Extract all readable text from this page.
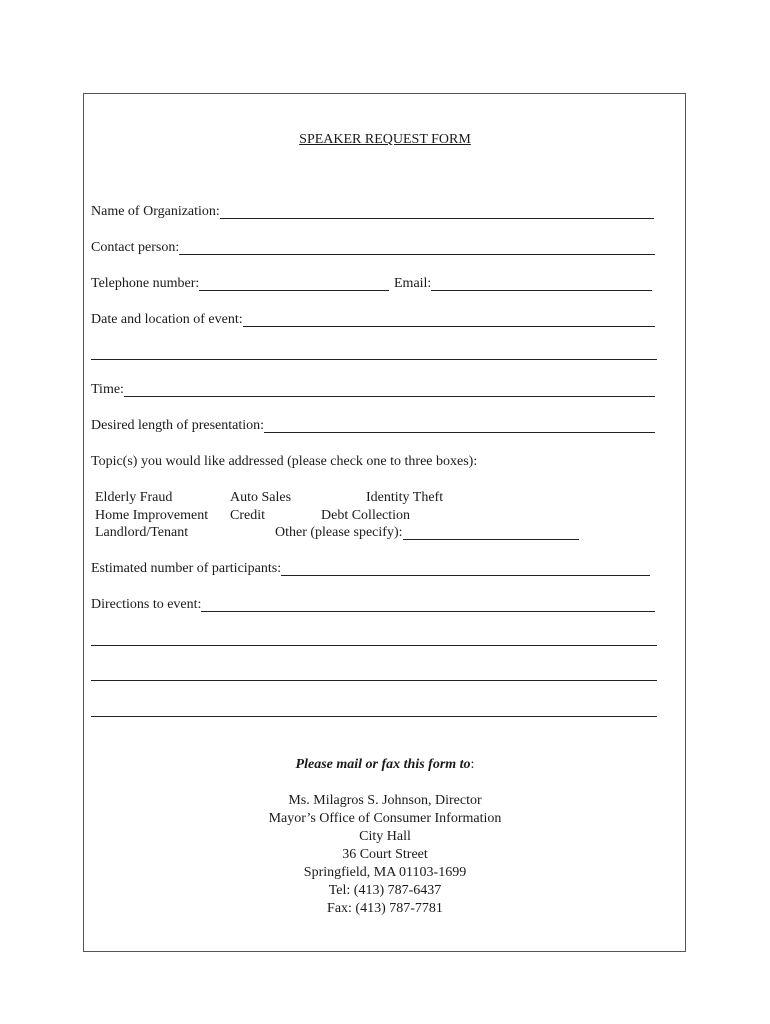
SPEAKER REQUEST FORM
Name of Organization:
Contact person:
Telephone number:	Email:
Date and location of event:
Time:
Desired length of presentation:
Topic(s) you would like addressed (please check one to three boxes):
Elderly Fraud	Auto Sales	Identity Theft
Home Improvement Credit	Debt Collection
Landlord/Tenant	Other (please specify):
Estimated number of participants:
Directions to event:
Please mail or fax this form to:
Ms. Milagros S. Johnson, Director
Mayor’s Office of Consumer Information
City Hall
36 Court Street
Springfield, MA 01103-1699
Tel: (413) 787-6437
Fax: (413) 787-7781
